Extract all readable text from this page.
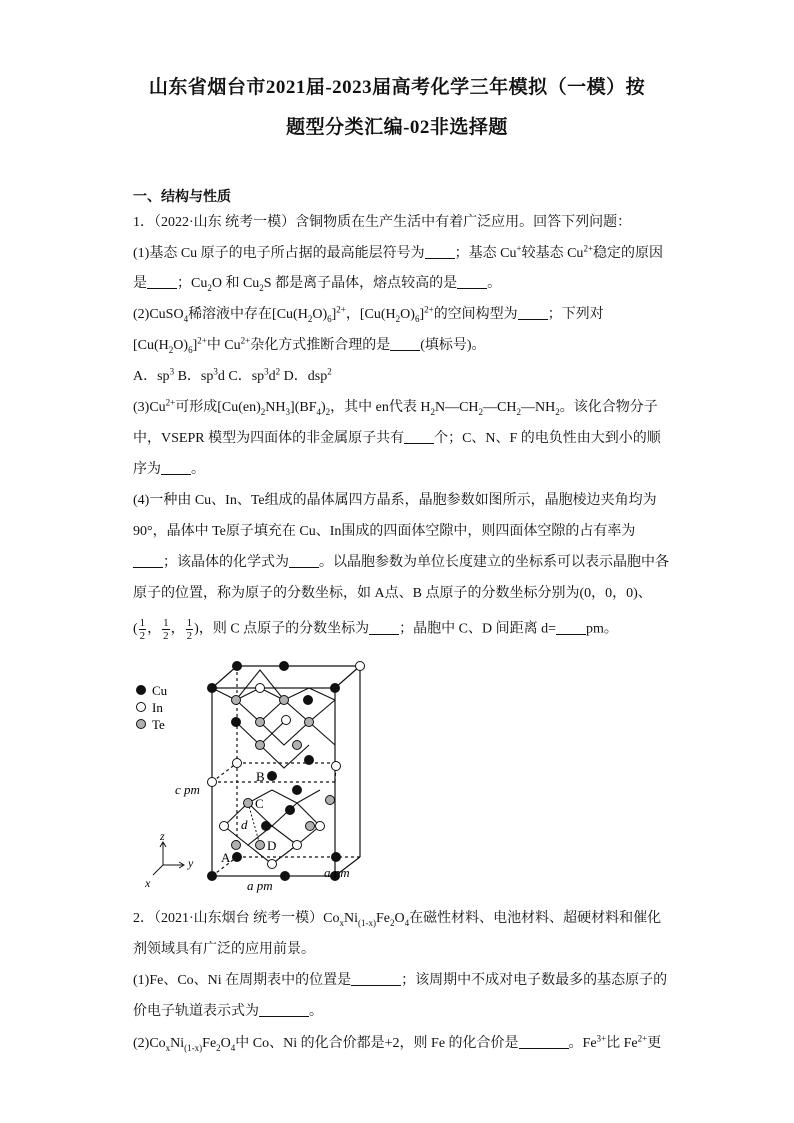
山东省烟台市2021届-2023届高考化学三年模拟（一模）按
题型分类汇编-02非选择题
一、结构与性质
1．（2022·山东 统考一模）含铜物质在生产生活中有着广泛应用。回答下列问题：
(1)基态 Cu 原子的电子所占据的最高能层符号为 ；基态 Cu+较基态 $Cu^{2+}$稳定的原因
是 ；$Cu_2O$ 和 $Cu_2S$ 都是离子晶体，熔点较高的是 。
(2)CuSO$_4$稀溶液中存在$[Cu(H_2O)_6]^{2+}$，$[Cu(H_2O)_6]^{2+}$的空间构型为 ；下列对
$[Cu(H_2O)_6]^{2+}$中 $Cu^{2+}$杂化方式推断合理的是 (填标号)。
A．$sp^3$ B．$sp^3d$ C．$sp^3d^2$ D．dsp$^2$
$(3)Cu^{2+}$可形成$[Cu(en)_2NH_3](BF_4)_2$，其中 en代表 $H_2N—CH_2—CH_2—NH_2$。该化合物分子
中，VSEPR 模型为四面体的非金属原子共有 个；C、N、F 的电负性由大到小的顺
序为 。
(4)一种由 Cu、In、Te组成的晶体属四方晶系，晶胞参数如图所示，晶胞棱边夹角均为
90°，晶体中 Te原子填充在 Cu、In围成的四面体空隙中，则四面体空隙的占有率为
；该晶体的化学式为 。以晶胞参数为单位长度建立的坐标系可以表示晶胞中各
原子的位置，称为原子的分数坐标，如 A点、B 点原子的分数坐标分别为(0，0，0)、
( $\frac{1}{2}$ ， $\frac{1}{2}$ ， $\frac{1}{2}$ )，则 C 点原子的分数坐标为 ；晶胞中 C、D 间距离 d= pm。
Cu
In
Te
B
C
D
A
d
c pm
a pm
a pm
z
y
x
2．（2021·山东烟台 统考一模）$Co_xNi_{(1-x)}Fe_2O_4$在磁性材料、电池材料、超硬材料和催化
剂领域具有广泛的应用前景。
(1)Fe、Co、Ni 在周期表中的位置是	；该周期中不成对电子数最多的基态原子的
价电子轨道表示式为	。
$(2)Co_xNi_{(1-x)}Fe_2O_4$中 Co、Ni 的化合价都是+2，则 Fe 的化合价是	。$Fe^{3+}$比 $Fe^{2+}$更
